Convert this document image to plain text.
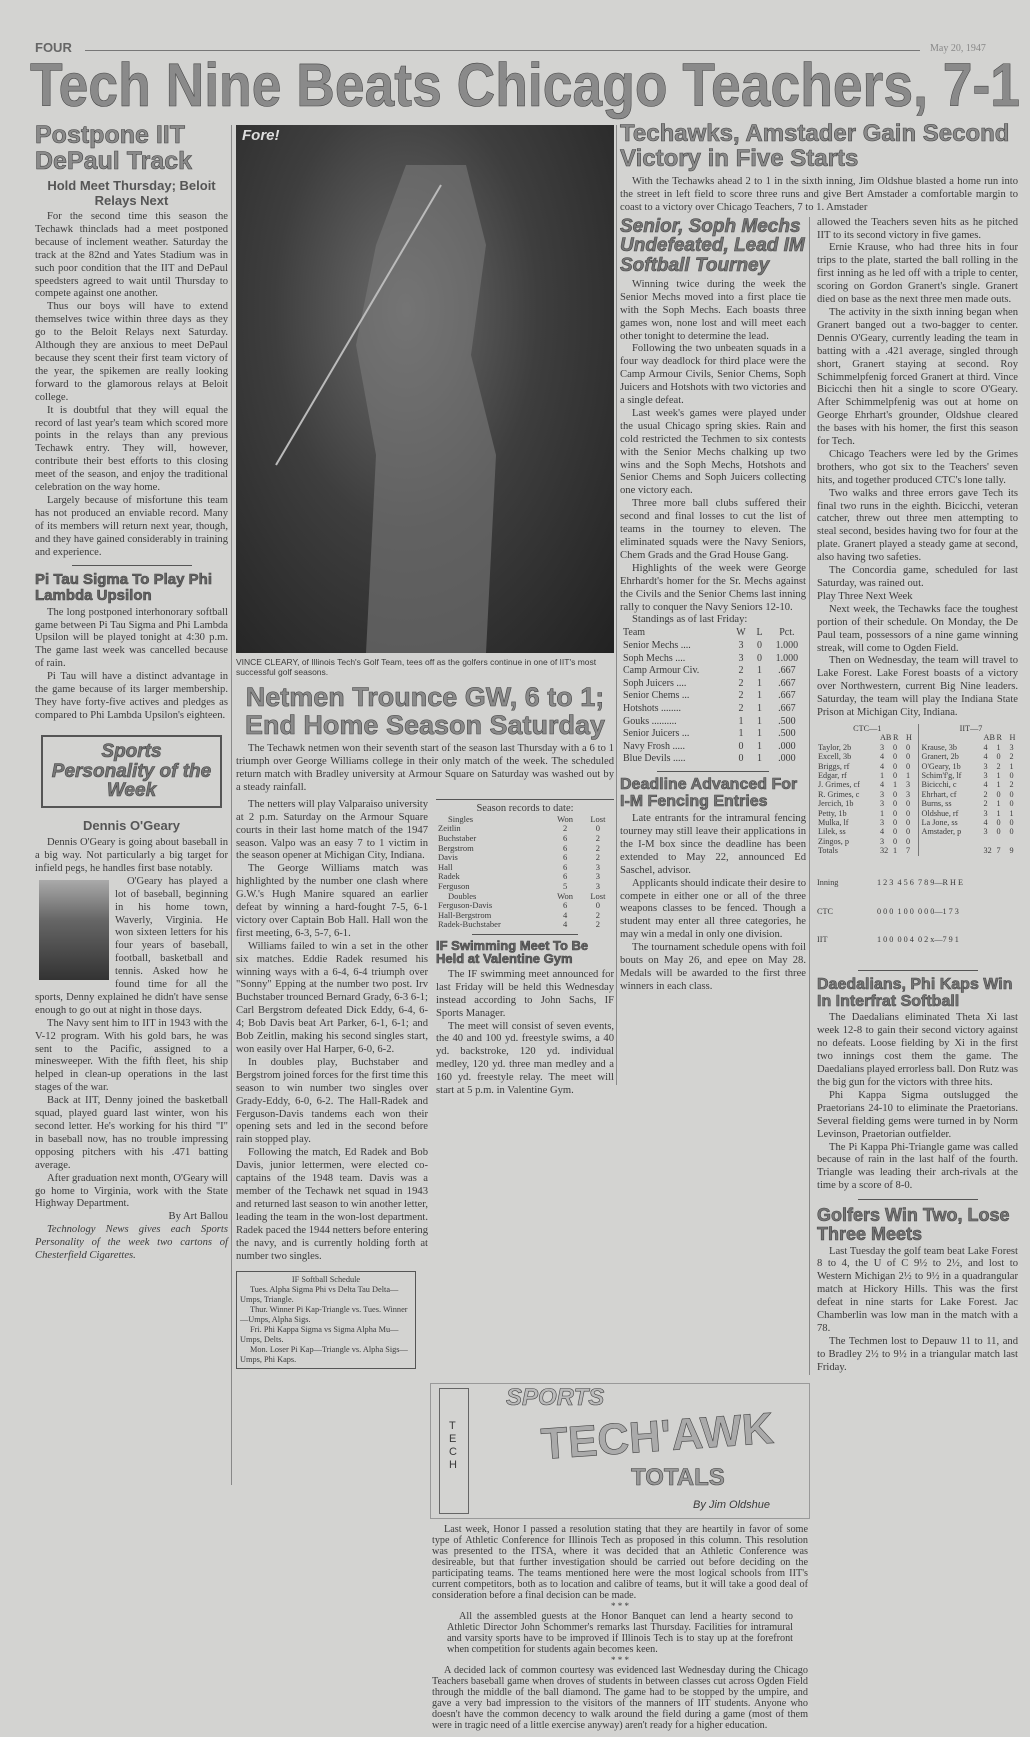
FOUR	May 20, 1947
Tech Nine Beats Chicago Teachers, 7-1
Postpone IIT DePaul Track
Hold Meet Thursday; Beloit Relays Next

For the second time this season the Techawk thinclads had a meet postponed because of inclement weather. Saturday the track at the 82nd and Yates Stadium was in such poor condition that the IIT and DePaul speedsters agreed to wait until Thursday to compete against one another.

Thus our boys will have to extend themselves twice within three days as they go to the Beloit Relays next Saturday. Although they are anxious to meet DePaul because they scent their first team victory of the year, the spikemen are really looking forward to the glamorous relays at Beloit college.

It is doubtful that they will equal the record of last year's team which scored more points in the relays than any previous Techawk entry. They will, however, contribute their best efforts to this closing meet of the season, and enjoy the traditional celebration on the way home.

Largely because of misfortune this team has not produced an enviable record. Many of its members will return next year, though, and they have gained considerably in training and experience.

Pi Tau Sigma To Play Phi Lambda Upsilon

The long postponed interhonorary softball game between Pi Tau Sigma and Phi Lambda Upsilon will be played tonight at 4:30 p.m. The game last week was cancelled because of rain.

Pi Tau will have a distinct advantage in the game because of its larger membership. They have forty-five actives and pledges as compared to Phi Lambda Upsilon's eighteen.

Sports Personality of the Week
Dennis O'Geary

Dennis O'Geary is going about baseball in a big way. Not particularly a big target for infield pegs, he handles first base notably.

O'Geary has played a lot of baseball, beginning in his home town, Waverly, Virginia. He won sixteen letters for his four years of baseball, football, basketball and tennis. Asked how he found time for all the sports, Denny explained he didn't have sense enough to go out at night in those days.

The Navy sent him to IIT in 1943 with the V-12 program. With his gold bars, he was sent to the Pacific, assigned to a minesweeper. With the fifth fleet, his ship helped in clean-up operations in the last stages of the war.

Back at IIT, Denny joined the basketball squad, played guard last winter, won his second letter. He's working for his third "I" in baseball now, has no trouble impressing opposing pitchers with his .471 batting average.

After graduation next month, O'Geary will go home to Virginia, work with the State Highway Department.

By Art Ballou

Technology News gives each Sports Personality of the week two cartons of Chesterfield Cigarettes.

Fore!
VINCE CLEARY, of Illinois Tech's Golf Team, tees off as the golfers continue in one of IIT's most successful golf seasons.
Netmen Trounce GW, 6 to 1; End Home Season Saturday

The Techawk netmen won their seventh start of the season last Thursday with a 6 to 1 triumph over George Williams college in their only match of the week. The scheduled return match with Bradley university at Armour Square on Saturday was washed out by a steady rainfall.

The netters will play Valparaiso university at 2 p.m. Saturday on the Armour Square courts in their last home match of the 1947 season. Valpo was an easy 7 to 1 victim in the season opener at Michigan City, Indiana.

The George Williams match was highlighted by the number one clash where G.W.'s Hugh Manire squared an earlier defeat by winning a hard-fought 7-5, 6-1 victory over Captain Bob Hall. Hall won the first meeting, 6-3, 5-7, 6-1.

Williams failed to win a set in the other six matches. Eddie Radek resumed his winning ways with a 6-4, 6-4 triumph over "Sonny" Epping at the number two post. Irv Buchstaber trounced Bernard Grady, 6-3 6-1; Carl Bergstrom defeated Dick Eddy, 6-4, 6-4; Bob Davis beat Art Parker, 6-1, 6-1; and Bob Zeitlin, making his second singles start, won easily over Hal Harper, 6-0, 6-2.

In doubles play, Buchstaber and Bergstrom joined forces for the first time this season to win number two singles over Grady-Eddy, 6-0, 6-2. The Hall-Radek and Ferguson-Davis tandems each won their opening sets and led in the second before rain stopped play.

Following the match, Ed Radek and Bob Davis, junior lettermen, were elected co-captains of the 1948 team. Davis was a member of the Techawk net squad in 1943 and returned last season to win another letter, leading the team in the won-lost department. Radek paced the 1944 netters before entering the navy, and is currently holding forth at number two singles.

IF Softball Schedule
Tues. Alpha Sigma Phi vs Delta Tau Delta—Umps, Triangle.
Thur. Winner Pi Kap-Triangle vs. Tues. Winner—Umps, Alpha Sigs.
Fri. Phi Kappa Sigma vs Sigma Alpha Mu—Umps, Delts.
Mon. Loser Pi Kap—Triangle vs. Alpha Sigs—Umps, Phi Kaps.
Season records to date:
Singles	Won	Lost
Zeitlin	2	0
Buchstaber	6	2
Bergstrom	6	2
Davis	6	2
Hall	6	3
Radek	6	3
Ferguson	5	3
Doubles	Won	Lost
Ferguson-Davis	6	0
Hall-Bergstrom	4	2
Radek-Buchstaber	4	2
IF Swimming Meet To Be Held at Valentine Gym

The IF swimming meet announced for last Friday will be held this Wednesday instead according to John Sachs, IF Sports Manager.

The meet will consist of seven events, the 40 and 100 yd. freestyle swims, a 40 yd. backstroke, 120 yd. individual medley, 120 yd. three man medley and a 160 yd. freestyle relay. The meet will start at 5 p.m. in Valentine Gym.

Techawks, Amstader Gain Second Victory in Five Starts

With the Techawks ahead 2 to 1 in the sixth inning, Jim Oldshue blasted a home run into the street in left field to score three runs and give Bert Amstader a comfortable margin to coast to a victory over Chicago Teachers, 7 to 1. Amstader

Senior, Soph Mechs Undefeated, Lead IM Softball Tourney

Winning twice during the week the Senior Mechs moved into a first place tie with the Soph Mechs. Each boasts three games won, none lost and will meet each other tonight to determine the lead.

Following the two unbeaten squads in a four way deadlock for third place were the Camp Armour Civils, Senior Chems, Soph Juicers and Hotshots with two victories and a single defeat.

Last week's games were played under the usual Chicago spring skies. Rain and cold restricted the Techmen to six contests with the Senior Mechs chalking up two wins and the Soph Mechs, Hotshots and Senior Chems and Soph Juicers collecting one victory each.

Three more ball clubs suffered their second and final losses to cut the list of teams in the tourney to eleven. The eliminated squads were the Navy Seniors, Chem Grads and the Grad House Gang.

Highlights of the week were George Ehrhardt's homer for the Sr. Mechs against the Civils and the Senior Chems last inning rally to conquer the Navy Seniors 12-10.

Standings as of last Friday:

Team	W	L	Pct.
Senior Mechs ....	3	0	1.000
Soph Mechs ....	3	0	1.000
Camp Armour Civ.	2	1	.667
Soph Juicers ....	2	1	.667
Senior Chems ...	2	1	.667
Hotshots ........	2	1	.667
Gouks ..........	1	1	.500
Senior Juicers ...	1	1	.500
Navy Frosh .....	0	1	.000
Blue Devils .....	0	1	.000
Deadline Advanced For I-M Fencing Entries

Late entrants for the intramural fencing tourney may still leave their applications in the I-M box since the deadline has been extended to May 22, announced Ed Saschel, advisor.

Applicants should indicate their desire to compete in either one or all of the three weapons classes to be fenced. Though a student may enter all three categories, he may win a medal in only one division.

The tournament schedule opens with foil bouts on May 26, and epee on May 28. Medals will be awarded to the first three winners in each class.

allowed the Teachers seven hits as he pitched IIT to its second victory in five games.

Ernie Krause, who had three hits in four trips to the plate, started the ball rolling in the first inning as he led off with a triple to center, scoring on Gordon Granert's single. Granert died on base as the next three men made outs.

The activity in the sixth inning began when Granert banged out a two-bagger to center. Dennis O'Geary, currently leading the team in batting with a .421 average, singled through short, Granert staying at second. Roy Schimmelpfenig forced Granert at third. Vince Bicicchi then hit a single to score O'Geary. After Schimmelpfenig was out at home on George Ehrhart's grounder, Oldshue cleared the bases with his homer, the first this season for Tech.

Chicago Teachers were led by the Grimes brothers, who got six to the Teachers' seven hits, and together produced CTC's lone tally.

Two walks and three errors gave Tech its final two runs in the eighth. Bicicchi, veteran catcher, threw out three men attempting to steal second, besides having two for four at the plate. Granert played a steady game at second, also having two safeties.

The Concordia game, scheduled for last Saturday, was rained out.

Play Three Next Week

Next week, the Techawks face the toughest portion of their schedule. On Monday, the De Paul team, possessors of a nine game winning streak, will come to Ogden Field.

Then on Wednesday, the team will travel to Lake Forest. Lake Forest boasts of a victory over Northwestern, current Big Nine leaders. Saturday, the team will play the Indiana State Prison at Michigan City, Indiana.

CTC—1			
	AB	R	H
Taylor, 2b	3	0	0
Excell, 3b	4	0	0
Briggs, rf	4	0	0
Edgar, rf	1	0	1
J. Grimes, cf	4	1	3
R. Grimes, c	3	0	3
Jercich, 1b	3	0	0
Petty, 1b	1	0	0
Mulka, lf	3	0	0
Lilek, ss	4	0	0
Zingos, p	3	0	0
Totals	32	1	7
IIT—7			
	AB	R	H
Krause, 3b	4	1	3
Granert, 2b	4	0	2
O'Geary, 1b	3	2	1
Schim'f'g, lf	3	1	0
Bicicchi, c	4	1	2
Ehrhart, cf	2	0	0
Burns, ss	2	1	0
Oldshue, rf	3	1	1
La Jone, ss	4	0	0
Amstader, p	3	0	0

	32	7	9

Inning	1 2 3  4 5 6  7 8 9—R H E

CTC	0 0 0  1 0 0  0 0 0—1 7 3

IIT	1 0 0  0 0 4  0 2 x—7 9 1

Daedalians, Phi Kaps Win In Interfrat Softball

The Daedalians eliminated Theta Xi last week 12-8 to gain their second victory against no defeats. Loose fielding by Xi in the first two innings cost them the game. The Daedalians played errorless ball. Don Rutz was the big gun for the victors with three hits.

Phi Kappa Sigma outslugged the Praetorians 24-10 to eliminate the Praetorians. Several fielding gems were turned in by Norm Levinson, Praetorian outfielder.

The Pi Kappa Phi-Triangle game was called because of rain in the last half of the fourth. Triangle was leading their arch-rivals at the time by a score of 8-0.

Golfers Win Two, Lose Three Meets

Last Tuesday the golf team beat Lake Forest 8 to 4, the U of C 9½ to 2½, and lost to Western Michigan 2½ to 9½ in a quadrangular match at Hickory Hills. This was the first defeat in nine starts for Lake Forest. Jac Chamberlin was low man in the match with a 78.

The Techmen lost to Depauw 11 to 11, and to Bradley 2½ to 9½ in a triangular match last Friday.

TECH
SPORTS
TECH'AWK
TOTALS
By Jim Oldshue

Last week, Honor I passed a resolution stating that they are heartily in favor of some type of Athletic Conference for Illinois Tech as proposed in this column. This resolution was presented to the ITSA, where it was decided that an Athletic Conference was desireable, but that further investigation should be carried out before deciding on the participating teams. The teams mentioned here were the most logical schools from IIT's current competitors, both as to location and calibre of teams, but it will take a good deal of consideration before a final decision can be made.

* * *

All the assembled guests at the Honor Banquet can lend a hearty second to Athletic Director John Schommer's remarks last Thursday. Facilities for intramural and varsity sports have to be improved if Illinois Tech is to stay up at the forefront when competition for students again becomes keen.

* * *

A decided lack of common courtesy was evidenced last Wednesday during the Chicago Teachers baseball game when droves of students in between classes cut across Ogden Field through the middle of the ball diamond. The game had to be stopped by the umpire, and gave a very bad impression to the visitors of the manners of IIT students. Anyone who doesn't have the common decency to walk around the field during a game (most of them were in tragic need of a little exercise anyway) aren't ready for a higher education.
